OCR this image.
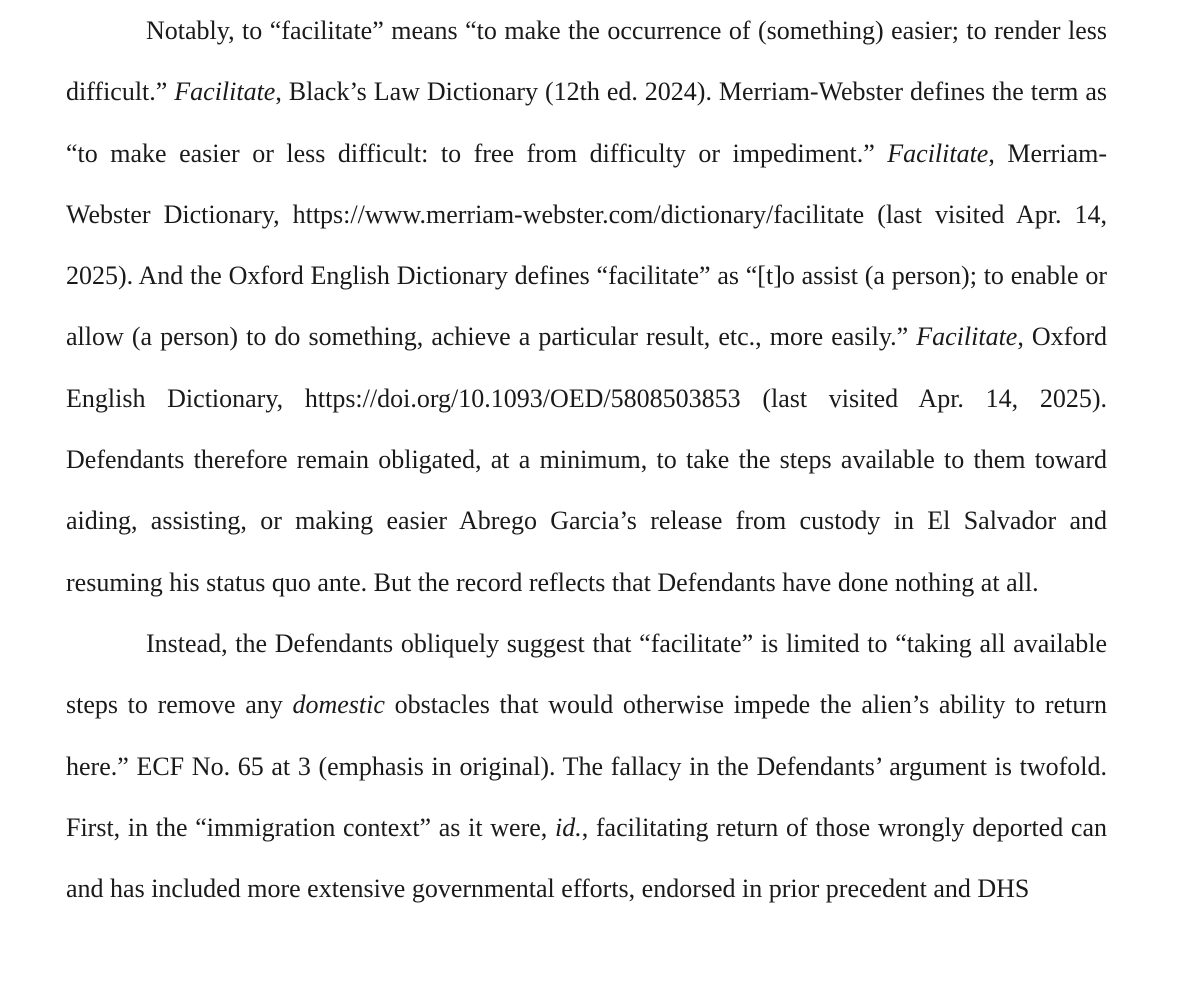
Notably, to “facilitate” means “to make the occurrence of (something) easier; to render less difficult.” Facilitate, Black’s Law Dictionary (12th ed. 2024). Merriam-Webster defines the term as “to make easier or less difficult: to free from difficulty or impediment.” Facilitate, Merriam-Webster Dictionary, https://www.merriam-webster.com/dictionary/facilitate (last visited Apr. 14, 2025). And the Oxford English Dictionary defines “facilitate” as “[t]o assist (a person); to enable or allow (a person) to do something, achieve a particular result, etc., more easily.” Facilitate, Oxford English Dictionary, https://doi.org/10.1093/OED/5808503853 (last visited Apr. 14, 2025). Defendants therefore remain obligated, at a minimum, to take the steps available to them toward aiding, assisting, or making easier Abrego Garcia’s release from custody in El Salvador and resuming his status quo ante. But the record reflects that Defendants have done nothing at all.

Instead, the Defendants obliquely suggest that “facilitate” is limited to “taking all available steps to remove any domestic obstacles that would otherwise impede the alien’s ability to return here.” ECF No. 65 at 3 (emphasis in original). The fallacy in the Defendants’ argument is twofold. First, in the “immigration context” as it were, id., facilitating return of those wrongly deported can and has included more extensive governmental efforts, endorsed in prior precedent and DHS
